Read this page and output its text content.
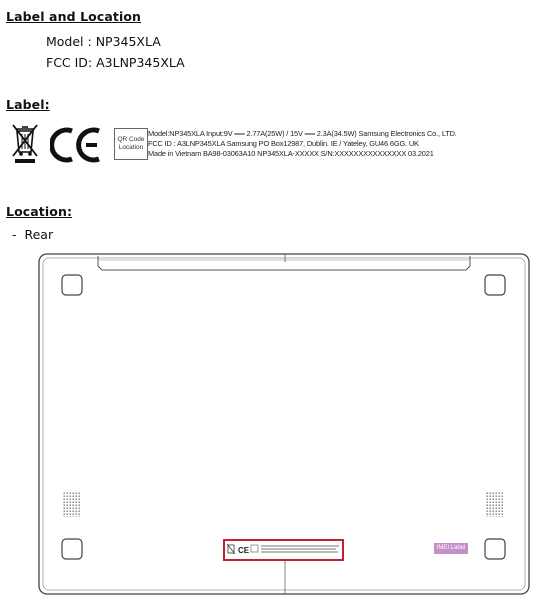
Label and Location
Model : NP345XLA
FCC ID: A3LNP345XLA
Label:
QR Code Location
Model:NP345XLA Input:9V ══ 2.77A(25W) / 15V ══ 2.3A(34.5W) Samsung Electronics Co., LTD.
FCC ID : A3LNP345XLA Samsung PO Box12987, Dublin. IE / Yateley, GU46 6GG. UK
Made in Vietnam BA98-03063A10 NP345XLA-XXXXX S/N:XXXXXXXXXXXXXXX 03.2021
Location:
-  Rear
CE	IMEI Label
